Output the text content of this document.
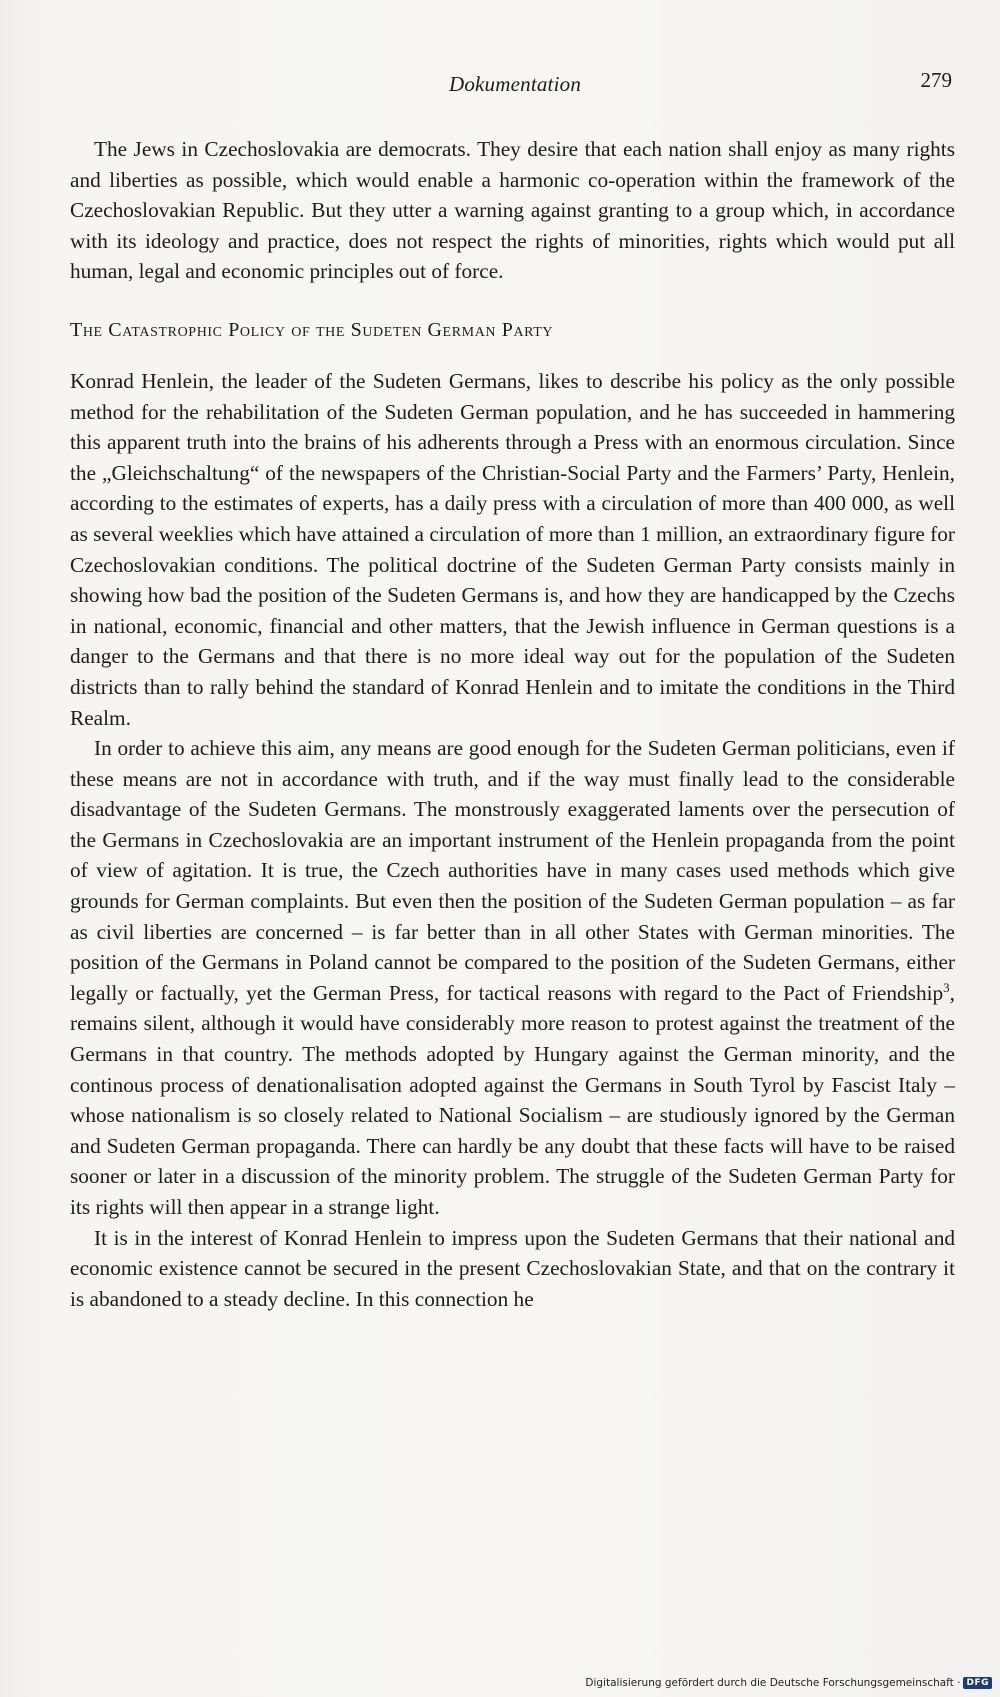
Dokumentation	279

The Jews in Czechoslovakia are democrats. They desire that each nation shall enjoy as many rights and liberties as possible, which would enable a harmonic co-operation within the framework of the Czechoslovakian Republic. But they utter a warning against granting to a group which, in accordance with its ideology and practice, does not respect the rights of minorities, rights which would put all human, legal and economic principles out of force.

The Catastrophic Policy of the Sudeten German Party

Konrad Henlein, the leader of the Sudeten Germans, likes to describe his policy as the only possible method for the rehabilitation of the Sudeten German population, and he has succeeded in hammering this apparent truth into the brains of his adherents through a Press with an enormous circulation. Since the „Gleichschaltung“ of the newspapers of the Christian-Social Party and the Farmers’ Party, Henlein, according to the estimates of experts, has a daily press with a circulation of more than 400 000, as well as several weeklies which have attained a circulation of more than 1 million, an extraordinary figure for Czechoslovakian conditions. The political doctrine of the Sudeten German Party consists mainly in showing how bad the position of the Sudeten Germans is, and how they are handicapped by the Czechs in national, economic, financial and other matters, that the Jewish influence in German questions is a danger to the Germans and that there is no more ideal way out for the population of the Sudeten districts than to rally behind the standard of Konrad Henlein and to imitate the conditions in the Third Realm.

In order to achieve this aim, any means are good enough for the Sudeten German politicians, even if these means are not in accordance with truth, and if the way must finally lead to the considerable disadvantage of the Sudeten Germans. The monstrously exaggerated laments over the persecution of the Germans in Czechoslovakia are an important instrument of the Henlein propaganda from the point of view of agitation. It is true, the Czech authorities have in many cases used methods which give grounds for German complaints. But even then the position of the Sudeten German population – as far as civil liberties are concerned – is far better than in all other States with German minorities. The position of the Germans in Poland cannot be compared to the position of the Sudeten Germans, either legally or factually, yet the German Press, for tactical reasons with regard to the Pact of Friendship$^3$, remains silent, although it would have considerably more reason to protest against the treatment of the Germans in that country. The methods adopted by Hungary against the German minority, and the continous process of denationalisation adopted against the Germans in South Tyrol by Fascist Italy – whose nationalism is so closely related to National Socialism – are studiously ignored by the German and Sudeten German propaganda. There can hardly be any doubt that these facts will have to be raised sooner or later in a discussion of the minority problem. The struggle of the Sudeten German Party for its rights will then appear in a strange light.

It is in the interest of Konrad Henlein to impress upon the Sudeten Germans that their national and economic existence cannot be secured in the present Czechoslovakian State, and that on the contrary it is abandoned to a steady decline. In this connection he

Digitalisierung gefördert durch die Deutsche Forschungsgemeinschaft · DFG
